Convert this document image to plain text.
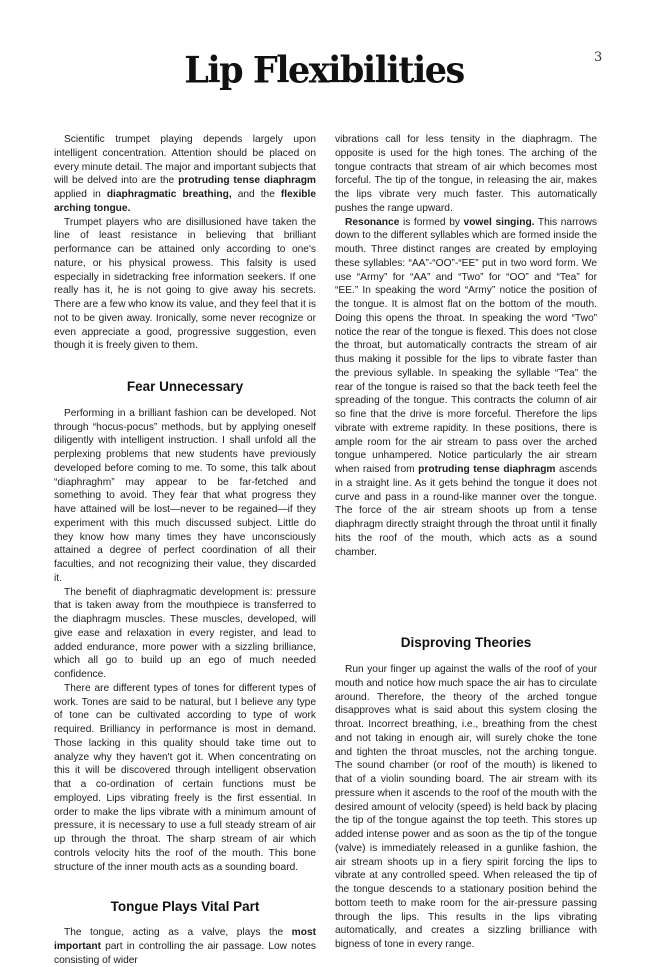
3
Lip Flexibilities

Scientific trumpet playing depends largely upon intelligent concentration. Attention should be placed on every minute detail. The major and important subjects that will be delved into are the protruding tense diaphragm applied in diaphragmatic breathing, and the flexible arching tongue.

Trumpet players who are disillusioned have taken the line of least resistance in believing that brilliant performance can be attained only according to one's nature, or his physical prowess. This falsity is used especially in sidetracking free information seekers. If one really has it, he is not going to give away his secrets. There are a few who know its value, and they feel that it is not to be given away. Ironically, some never recognize or even appreciate a good, progressive suggestion, even though it is freely given to them.

Fear Unnecessary

Performing in a brilliant fashion can be developed. Not through “hocus-pocus” methods, but by applying oneself diligently with intelligent instruction. I shall unfold all the perplexing problems that new students have previously developed before coming to me. To some, this talk about “diaphraghm” may appear to be far-fetched and something to avoid. They fear that what progress they have attained will be lost—never to be regained—if they experiment with this much discussed subject. Little do they know how many times they have unconsciously attained a degree of perfect coordination of all their faculties, and not recognizing their value, they discarded it.

The benefit of diaphragmatic development is: pressure that is taken away from the mouthpiece is transferred to the diaphragm muscles. These muscles, developed, will give ease and relaxation in every register, and lead to added endurance, more power with a sizzling brilliance, which all go to build up an ego of much needed confidence.

There are different types of tones for different types of work. Tones are said to be natural, but I believe any type of tone can be cultivated according to type of work required. Brilliancy in performance is most in demand. Those lacking in this quality should take time out to analyze why they haven't got it. When concentrating on this it will be discovered through intelligent observation that a co-ordination of certain functions must be employed. Lips vibrating freely is the first essential. In order to make the lips vibrate with a minimum amount of pressure, it is necessary to use a full steady stream of air up through the throat. The sharp stream of air which controls velocity hits the roof of the mouth. This bone structure of the inner mouth acts as a sounding board.

Tongue Plays Vital Part

The tongue, acting as a valve, plays the most important part in controlling the air passage. Low notes consisting of wider

vibrations call for less tensity in the diaphragm. The opposite is used for the high tones. The arching of the tongue contracts that stream of air which becomes most forceful. The tip of the tongue, in releasing the air, makes the lips vibrate very much faster. This automatically pushes the range upward.

Resonance is formed by vowel singing. This narrows down to the different syllables which are formed inside the mouth. Three distinct ranges are created by employing these syllables: “AA”-“OO”-“EE” put in two word form. We use “Army” for “AA” and “Two” for “OO” and “Tea” for “EE.” In speaking the word “Army” notice the position of the tongue. It is almost flat on the bottom of the mouth. Doing this opens the throat. In speaking the word “Two” notice the rear of the tongue is flexed. This does not close the throat, but automatically contracts the stream of air thus making it possible for the lips to vibrate faster than the previous syllable. In speaking the syllable “Tea” the rear of the tongue is raised so that the back teeth feel the spreading of the tongue. This contracts the column of air so fine that the drive is more forceful. Therefore the lips vibrate with extreme rapidity. In these positions, there is ample room for the air stream to pass over the arched tongue unhampered. Notice particularly the air stream when raised from protruding tense diaphragm ascends in a straight line. As it gets behind the tongue it does not curve and pass in a round-like manner over the tongue. The force of the air stream shoots up from a tense diaphragm directly straight through the throat until it finally hits the roof of the mouth, which acts as a sound chamber.

Disproving Theories

Run your finger up against the walls of the roof of your mouth and notice how much space the air has to circulate around. Therefore, the theory of the arched tongue disapproves what is said about this system closing the throat. Incorrect breathing, i.e., breathing from the chest and not taking in enough air, will surely choke the tone and tighten the throat muscles, not the arching tongue. The sound chamber (or roof of the mouth) is likened to that of a violin sounding board. The air stream with its pressure when it ascends to the roof of the mouth with the desired amount of velocity (speed) is held back by placing the tip of the tongue against the top teeth. This stores up added intense power and as soon as the tip of the tongue (valve) is immediately released in a gunlike fashion, the air stream shoots up in a fiery spirit forcing the lips to vibrate at any controlled speed. When released the tip of the tongue descends to a stationary position behind the bottom teeth to make room for the air-pressure passing through the lips. This results in the lips vibrating automatically, and creates a sizzling brilliance with bigness of tone in every range.
